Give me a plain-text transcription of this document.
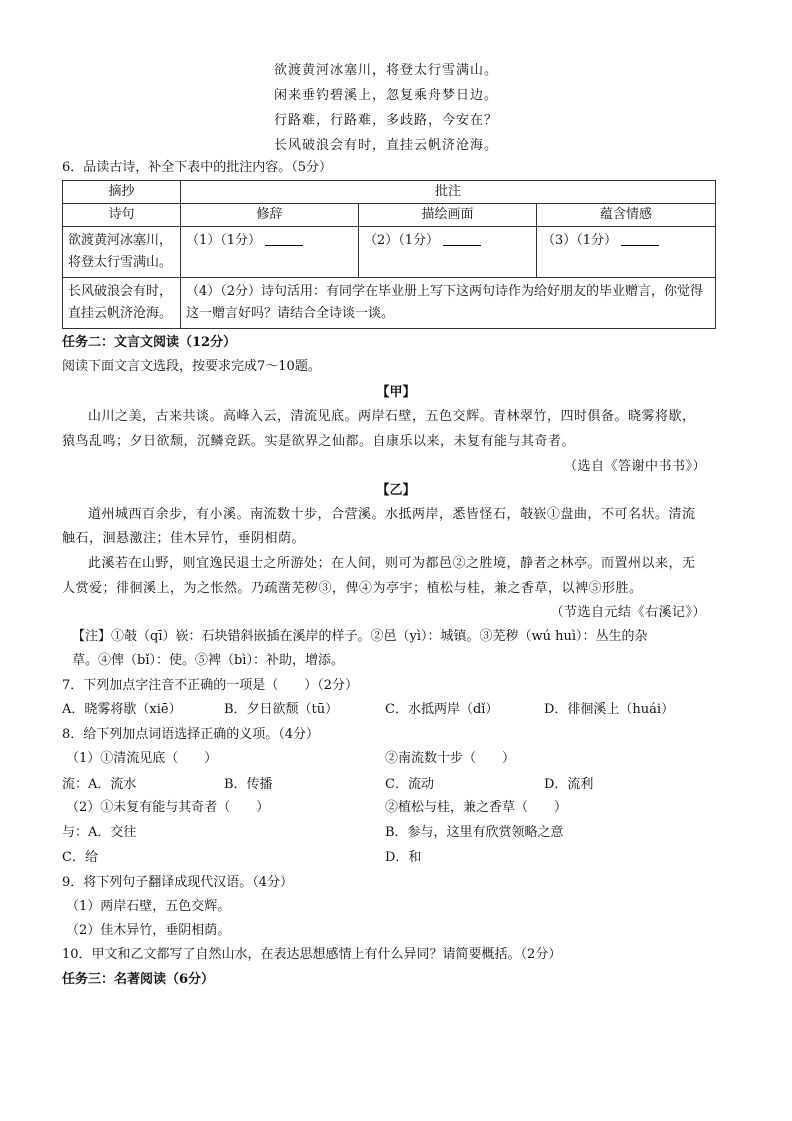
欲渡黄河冰塞川，将登太行雪满山。
闲来垂钓碧溪上，忽复乘舟梦日边。
行路难，行路难，多歧路，今安在？
长风破浪会有时，直挂云帆济沧海。
6．品读古诗，补全下表中的批注内容。（5分）
摘抄	批注		
诗句	修辞	描绘画面	蕴含情感
欲渡黄河冰塞川，将登太行雪满山。	（1）（1分）	（2）（1分）	（3）（1分）
长风破浪会有时，直挂云帆济沧海。	（4）（2分）诗句活用：有同学在毕业册上写下这两句诗作为给好朋友的毕业赠言，你觉得这一赠言好吗？请结合全诗谈一谈。		
任务二：文言文阅读（12分）
阅读下面文言文选段，按要求完成7～10题。
【甲】
山川之美，古来共谈。高峰入云，清流见底。两岸石壁，五色交辉。青林翠竹，四时俱备。晓雾将歇，
猿鸟乱鸣；夕日欲颓，沉鳞竞跃。实是欲界之仙都。自康乐以来，未复有能与其奇者。
（选自《答谢中书书》）
【乙】
道州城西百余步，有小溪。南流数十步，合营溪。水抵两岸，悉皆怪石，攲嵚①盘曲，不可名状。清流
触石，洄悬激注；佳木异竹，垂阴相荫。
此溪若在山野，则宜逸民退士之所游处；在人间，则可为都邑②之胜境，静者之林亭。而置州以来，无
人赏爱；徘徊溪上，为之怅然。乃疏凿芜秽③，俾④为亭宇；植松与桂，兼之香草，以裨⑤形胜。
（节选自元结《右溪记》）
【注】①攲（qī）嵚：石块错斜嵌插在溪岸的样子。②邑（yì）：城镇。③芜秽（wú huì）：丛生的杂
草。④俾（bǐ）：使。⑤裨（bì）：补助，增添。
7．下列加点字注音不正确的一项是（　　）（2分）
A．晓雾将歇（xiē）	B．夕日欲颓（tū）	C．水抵两岸（dǐ）	D．徘徊溪上（huái）
8．给下列加点词语选择正确的义项。（4分）
（1）①清流见底（　　）	②南流数十步（　　）
流：A．流水	B．传播	C．流动	D．流利
（2）①未复有能与其奇者（　　）	②植松与桂，兼之香草（　　）
与：A．交往	B．参与，这里有欣赏领略之意
C．给	D．和
9．将下列句子翻译成现代汉语。（4分）
（1）两岸石壁，五色交辉。
（2）佳木异竹，垂阴相荫。
10．甲文和乙文都写了自然山水，在表达思想感情上有什么异同？请简要概括。（2分）
任务三：名著阅读（6分）
